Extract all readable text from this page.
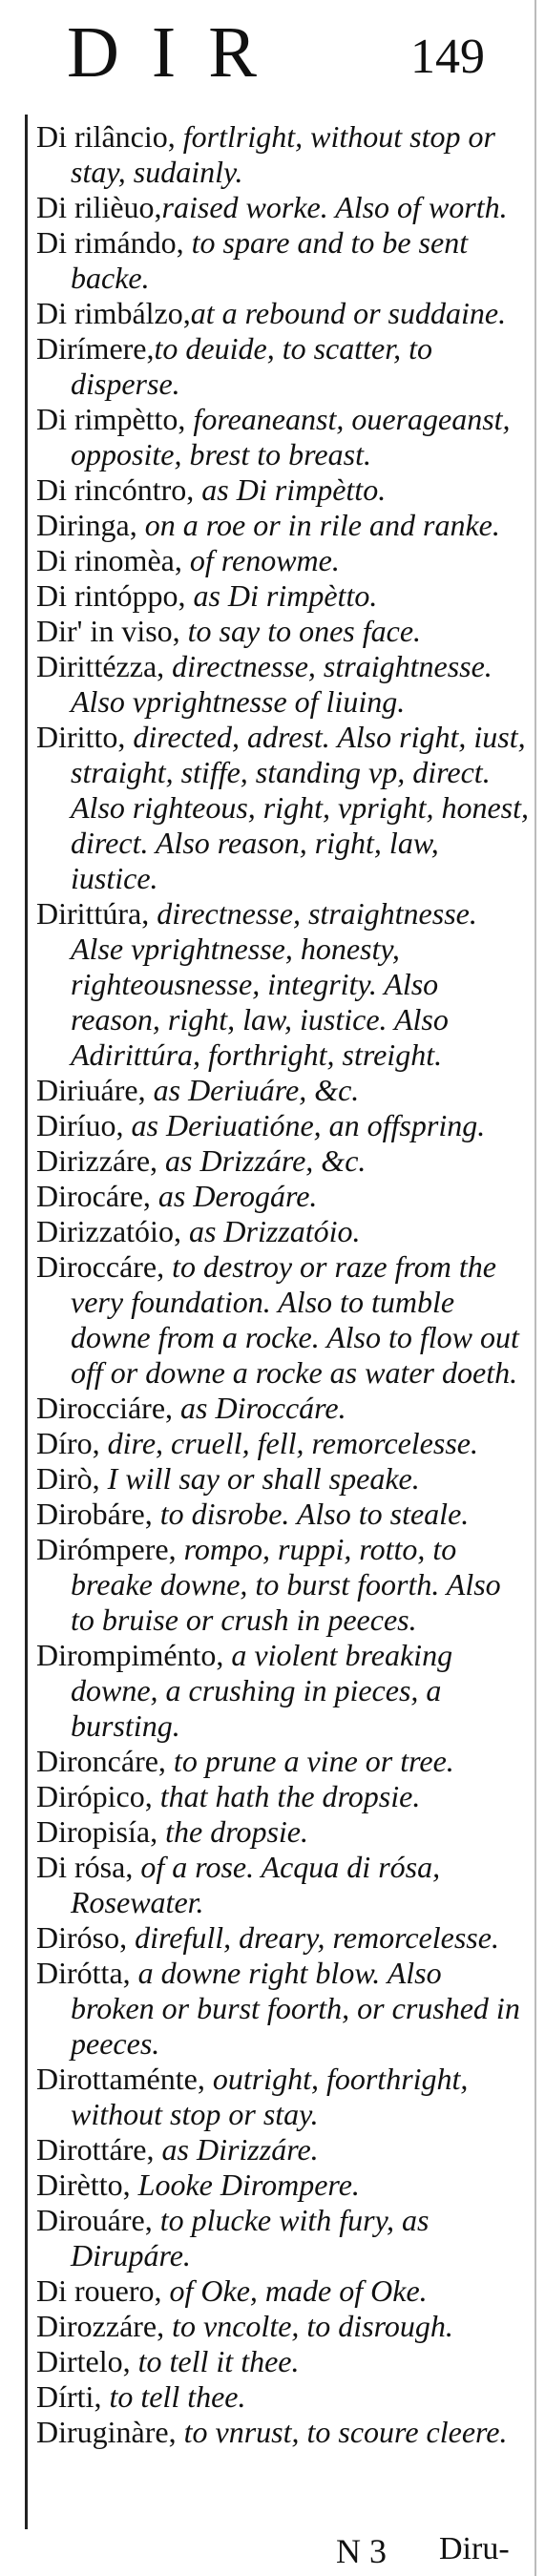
DIR 149
Di rilâncio, fortlright, without stop or stay, sudainly.
Di rilièuo,raised worke. Also of worth.
Di rimándo, to spare and to be sent backe.
Di rimbálzo,at a rebound or suddaine.
Dirímere,to deuide, to scatter, to disperse.
Di rimpètto, foreaneanst, ouerageanst, opposite, brest to breast.
Di rincóntro, as Di rimpètto.
Diringa, on a roe or in rile and ranke.
Di rinomèa, of renowme.
Di rintóppo, as Di rimpètto.
Dir' in viso, to say to ones face.
Dirittézza, directnesse, straightnesse. Also vprightnesse of liuing.
Diritto, directed, adrest. Also right, iust, straight, stiffe, standing vp, direct. Also righteous, right, vpright, honest, direct. Also reason, right, law, iustice.
Dirittúra, directnesse, straightnesse. Alse vprightnesse, honesty, righteousnesse, integrity. Also reason, right, law, iustice. Also Adirittúra, forthright, streight.
Diriuáre, as Deriuáre, &c.
Diríuo, as Deriuatióne, an offspring.
Dirizzáre, as Drizzáre, &c.
Dirocáre, as Derogáre.
Dirizzatóio, as Drizzatóio.
Diroccáre, to destroy or raze from the very foundation. Also to tumble downe from a rocke. Also to flow out off or downe a rocke as water doeth.
Dirocciáre, as Diroccáre.
Díro, dire, cruell, fell, remorcelesse.
Dirò, I will say or shall speake.
Dirobáre, to disrobe. Also to steale.
Dirómpere, rompo, ruppi, rotto, to breake downe, to burst foorth. Also to bruise or crush in peeces.
Dirompiménto, a violent breaking downe, a crushing in pieces, a bursting.
Dironcáre, to prune a vine or tree.
Dirópico, that hath the dropsie.
Diropisía, the dropsie.
Di rósa, of a rose. Acqua di rósa, Rosewater.
Diróso, direfull, dreary, remorcelesse.
Dirótta, a downe right blow. Also broken or burst foorth, or crushed in peeces.
Dirottaménte, outright, foorthright, without stop or stay.
Dirottáre, as Dirizzáre.
Dirètto, Looke Dirompere.
Dirouáre, to plucke with fury, as Dirupáre.
Di rouero, of Oke, made of Oke.
Dirozzáre, to vncolte, to disrough.
Dirtelo, to tell it thee.
Dírti, to tell thee.
Diruginàre, to vnrust, to scoure cleere.
N 3 Diru-
